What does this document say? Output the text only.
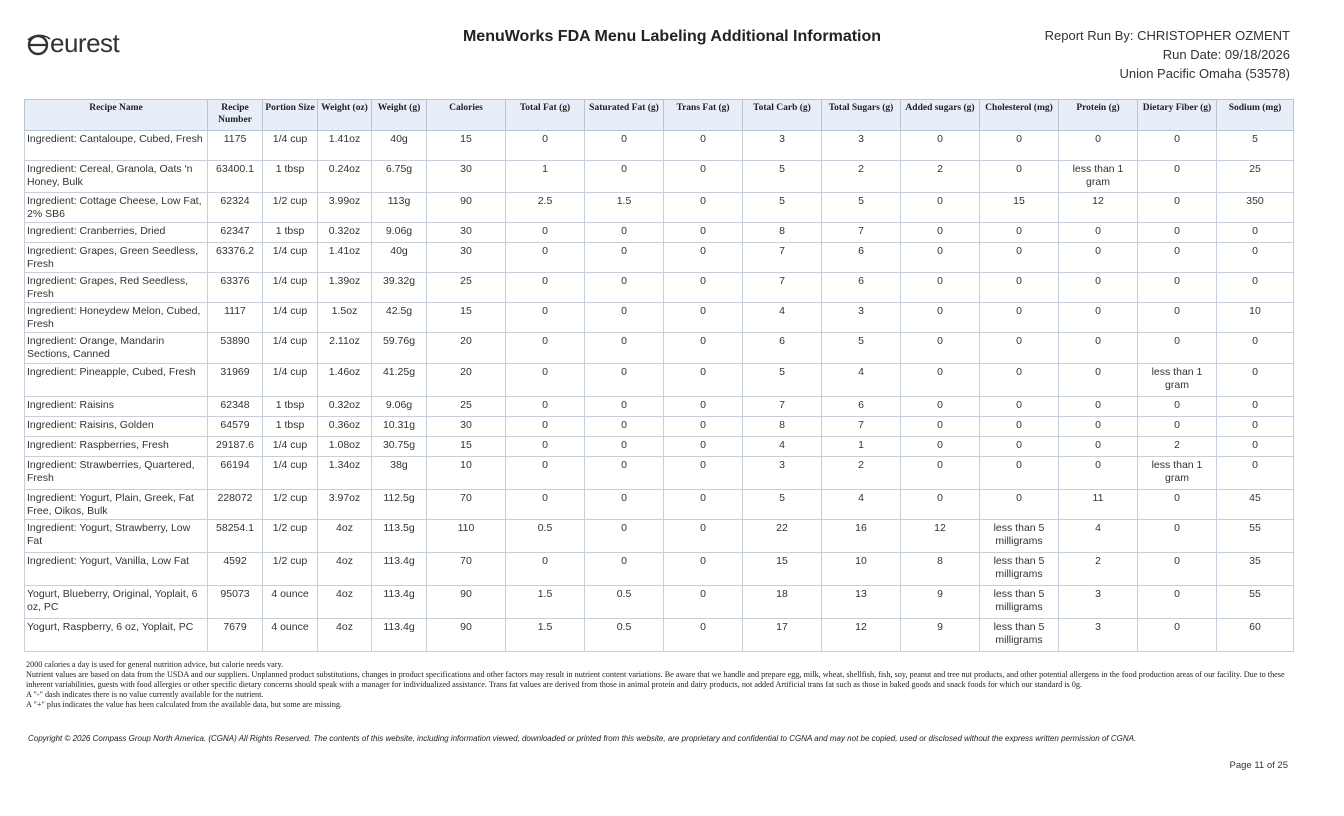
eurest	MenuWorks FDA Menu Labeling Additional Information	Report Run By: CHRISTOPHER OZMENT
Run Date: 09/18/2026
Union Pacific Omaha (53578)
Recipe Name	Recipe Number	Portion Size	Weight (oz)	Weight (g)	Calories	Total Fat (g)	Saturated Fat (g)	Trans Fat (g)	Total Carb (g)	Total Sugars (g)	Added sugars (g)	Cholesterol (mg)	Protein (g)	Dietary Fiber (g)	Sodium (mg)
Ingredient: Cantaloupe, Cubed, Fresh	1175	1/4 cup	1.41oz	40g	15	0	0	0	3	3	0	0	0	0	5
Ingredient: Cereal, Granola, Oats 'n Honey, Bulk	63400.1	1 tbsp	0.24oz	6.75g	30	1	0	0	5	2	2	0	less than 1 gram	0	25
Ingredient: Cottage Cheese, Low Fat, 2% SB6	62324	1/2 cup	3.99oz	113g	90	2.5	1.5	0	5	5	0	15	12	0	350
Ingredient: Cranberries, Dried	62347	1 tbsp	0.32oz	9.06g	30	0	0	0	8	7	0	0	0	0	0
Ingredient: Grapes, Green Seedless, Fresh	63376.2	1/4 cup	1.41oz	40g	30	0	0	0	7	6	0	0	0	0	0
Ingredient: Grapes, Red Seedless, Fresh	63376	1/4 cup	1.39oz	39.32g	25	0	0	0	7	6	0	0	0	0	0
Ingredient: Honeydew Melon, Cubed, Fresh	1117	1/4 cup	1.5oz	42.5g	15	0	0	0	4	3	0	0	0	0	10
Ingredient: Orange, Mandarin Sections, Canned	53890	1/4 cup	2.11oz	59.76g	20	0	0	0	6	5	0	0	0	0	0
Ingredient: Pineapple, Cubed, Fresh	31969	1/4 cup	1.46oz	41.25g	20	0	0	0	5	4	0	0	0	less than 1 gram	0
Ingredient: Raisins	62348	1 tbsp	0.32oz	9.06g	25	0	0	0	7	6	0	0	0	0	0
Ingredient: Raisins, Golden	64579	1 tbsp	0.36oz	10.31g	30	0	0	0	8	7	0	0	0	0	0
Ingredient: Raspberries, Fresh	29187.6	1/4 cup	1.08oz	30.75g	15	0	0	0	4	1	0	0	0	2	0
Ingredient: Strawberries, Quartered, Fresh	66194	1/4 cup	1.34oz	38g	10	0	0	0	3	2	0	0	0	less than 1 gram	0
Ingredient: Yogurt, Plain, Greek, Fat Free, Oikos, Bulk	228072	1/2 cup	3.97oz	112.5g	70	0	0	0	5	4	0	0	11	0	45
Ingredient: Yogurt, Strawberry, Low Fat	58254.1	1/2 cup	4oz	113.5g	110	0.5	0	0	22	16	12	less than 5 milligrams	4	0	55
Ingredient: Yogurt, Vanilla, Low Fat	4592	1/2 cup	4oz	113.4g	70	0	0	0	15	10	8	less than 5 milligrams	2	0	35
Yogurt, Blueberry, Original, Yoplait, 6 oz, PC	95073	4 ounce	4oz	113.4g	90	1.5	0.5	0	18	13	9	less than 5 milligrams	3	0	55
Yogurt, Raspberry, 6 oz, Yoplait, PC	7679	4 ounce	4oz	113.4g	90	1.5	0.5	0	17	12	9	less than 5 milligrams	3	0	60
2000 calories a day is used for general nutrition advice, but calorie needs vary.
Nutrient values are based on data from the USDA and our suppliers. Unplanned product substitutions, changes in product specifications and other factors may result in nutrient content variations. Be aware that we handle and prepare egg, milk, wheat, shellfish, fish, soy, peanut and tree nut products, and other potential allergens in the food production areas of our facility. Due to these inherent variabilities, guests with food allergies or other specific dietary concerns should speak with a manager for individualized assistance. Trans fat values are derived from those in animal protein and dairy products, not added Artificial trans fat such as those in baked goods and snack foods for which our standard is 0g.
A "-" dash indicates there is no value currently available for the nutrient.
A "+" plus indicates the value has been calculated from the available data, but some are missing.
Copyright © 2026 Compass Group North America. (CGNA) All Rights Reserved. The contents of this website, including information viewed, downloaded or printed from this website, are proprietary and confidential to CGNA and may not be copied, used or disclosed without the express written permission of CGNA.
Page 11 of 25
